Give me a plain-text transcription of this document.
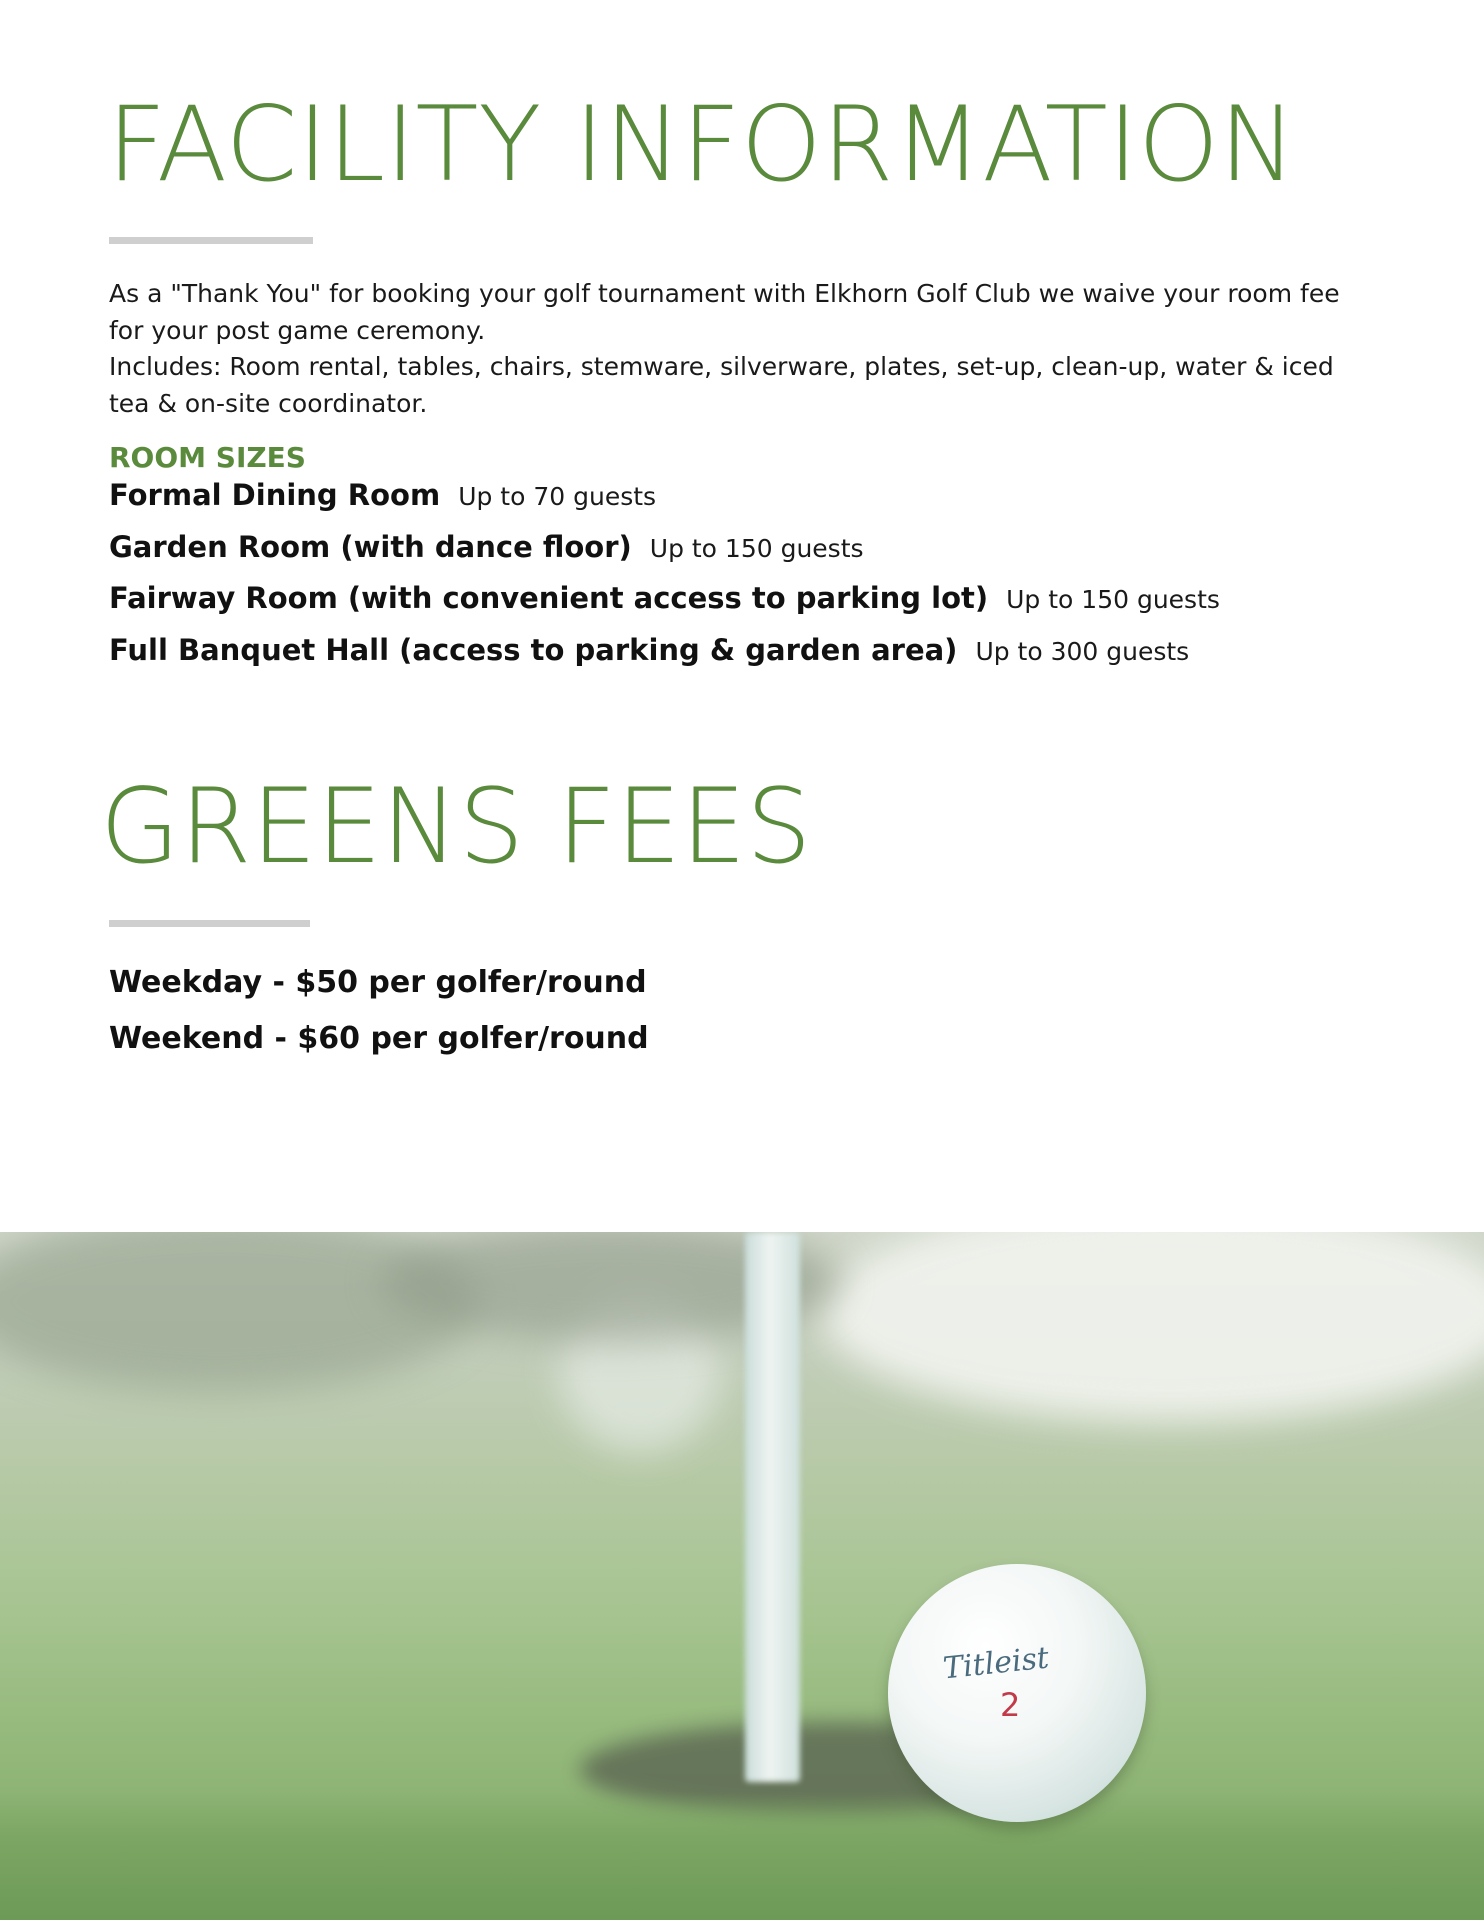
FACILITY INFORMATION

As a "Thank You" for booking your golf tournament with Elkhorn Golf Club we waive your room fee for your post game ceremony.

Includes: Room rental, tables, chairs, stemware, silverware, plates, set-up, clean-up, water & iced tea & on-site coordinator.

ROOM SIZES
Formal Dining Room Up to 70 guests
Garden Room (with dance floor) Up to 150 guests
Fairway Room (with convenient access to parking lot) Up to 150 guests
Full Banquet Hall (access to parking & garden area) Up to 300 guests
GREENS FEES
Weekday - $50 per golfer/round
Weekend - $60 per golfer/round
Titleist
2
